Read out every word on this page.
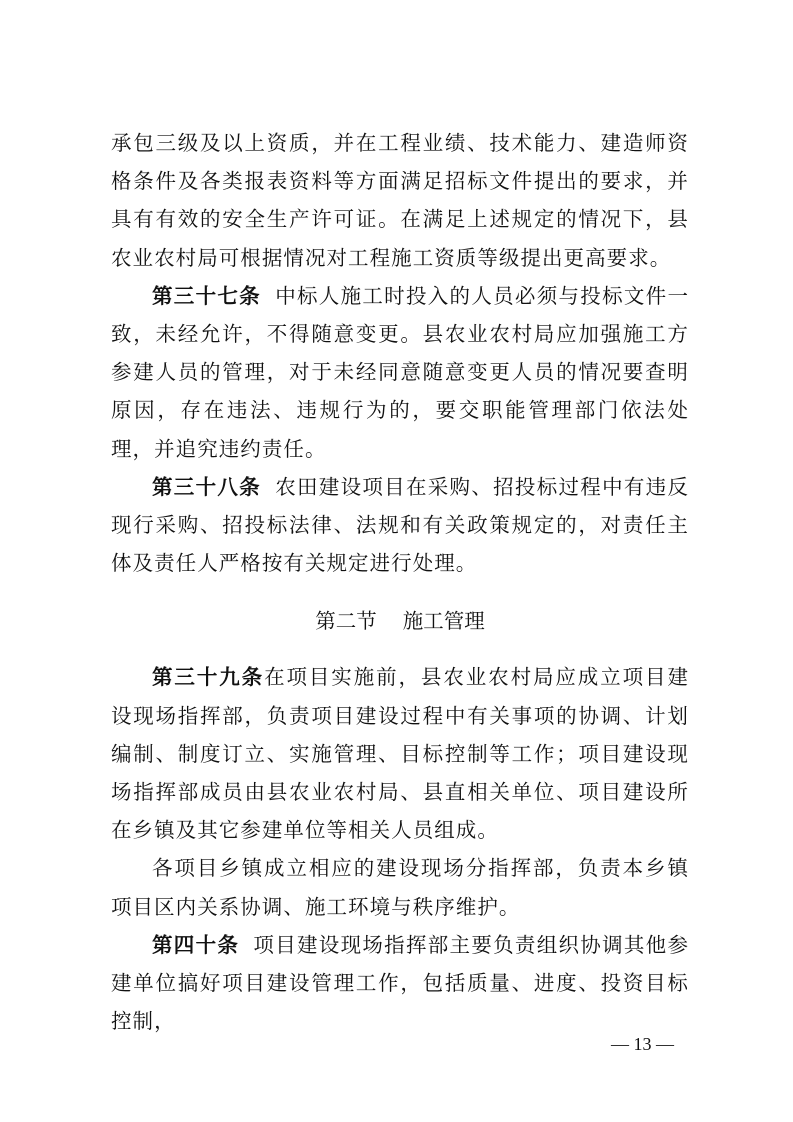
承包三级及以上资质，并在工程业绩、技术能力、建造师资格条件及各类报表资料等方面满足招标文件提出的要求，并具有有效的安全生产许可证。在满足上述规定的情况下，县农业农村局可根据情况对工程施工资质等级提出更高要求。

第三十七条 中标人施工时投入的人员必须与投标文件一致，未经允许，不得随意变更。县农业农村局应加强施工方参建人员的管理，对于未经同意随意变更人员的情况要查明原因，存在违法、违规行为的，要交职能管理部门依法处理，并追究违约责任。

第三十八条 农田建设项目在采购、招投标过程中有违反现行采购、招投标法律、法规和有关政策规定的，对责任主体及责任人严格按有关规定进行处理。

第二节 施工管理

第三十九条在项目实施前，县农业农村局应成立项目建设现场指挥部，负责项目建设过程中有关事项的协调、计划编制、制度订立、实施管理、目标控制等工作；项目建设现场指挥部成员由县农业农村局、县直相关单位、项目建设所在乡镇及其它参建单位等相关人员组成。

各项目乡镇成立相应的建设现场分指挥部，负责本乡镇项目区内关系协调、施工环境与秩序维护。

第四十条 项目建设现场指挥部主要负责组织协调其他参建单位搞好项目建设管理工作，包括质量、进度、投资目标控制，

— 13 —
